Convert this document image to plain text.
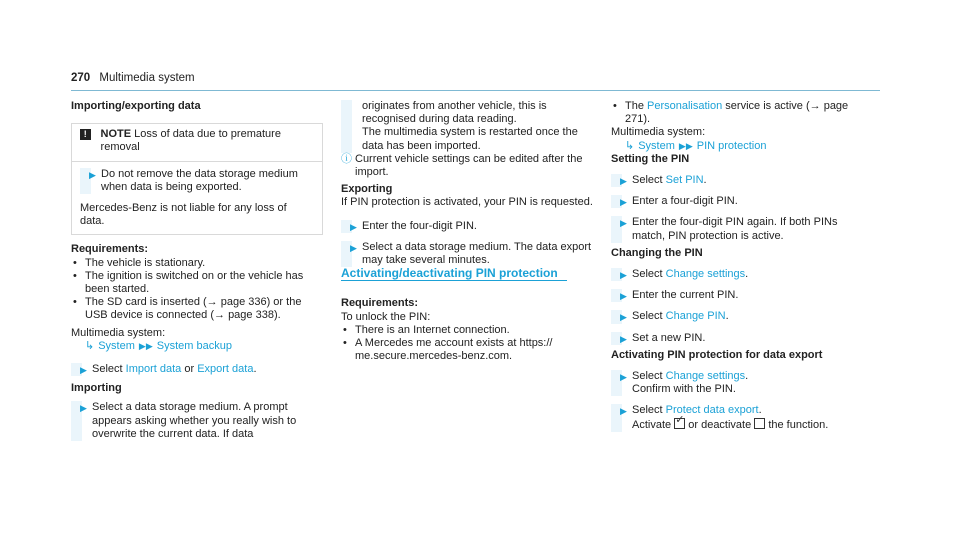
270 Multimedia system

Importing/exporting data

!	NOTE Loss of data due to premature removal

▶ Do not remove the data storage medium when data is being exported.

Mercedes-Benz is not liable for any loss of data.

Requirements:

• The vehicle is stationary.

• The ignition is switched on or the vehicle has been started.

• The SD card is inserted (→ page 336) or the USB device is connected (→ page 338).

Multimedia system:

↳ System ▶▶ System backup

▶ Select Import data or Export data.

Importing

▶ Select a data storage medium. A prompt appears asking whether you really wish to overwrite the current data. If data

originates from another vehicle, this is recognised during data reading.

The multimedia system is restarted once the data has been imported.

ⓘ Current vehicle settings can be edited after the import.

Exporting

If PIN protection is activated, your PIN is requested.

▶ Enter the four-digit PIN.

▶ Select a data storage medium. The data export may take several minutes.

Activating/deactivating PIN protection

Requirements:

To unlock the PIN:

• There is an Internet connection.

• A Mercedes me account exists at https:// me.secure.mercedes-benz.com.

• The Personalisation service is active (→ page 271).

Multimedia system:

↳ System ▶▶ PIN protection

Setting the PIN

▶ Select Set PIN.

▶ Enter a four-digit PIN.

▶ Enter the four-digit PIN again. If both PINs match, PIN protection is active.

Changing the PIN

▶ Select Change settings.

▶ Enter the current PIN.

▶ Select Change PIN.

▶ Set a new PIN.

Activating PIN protection for data export

▶ Select Change settings.

Confirm with the PIN.

▶ Select Protect data export.

Activate ✓ or deactivate  the function.
